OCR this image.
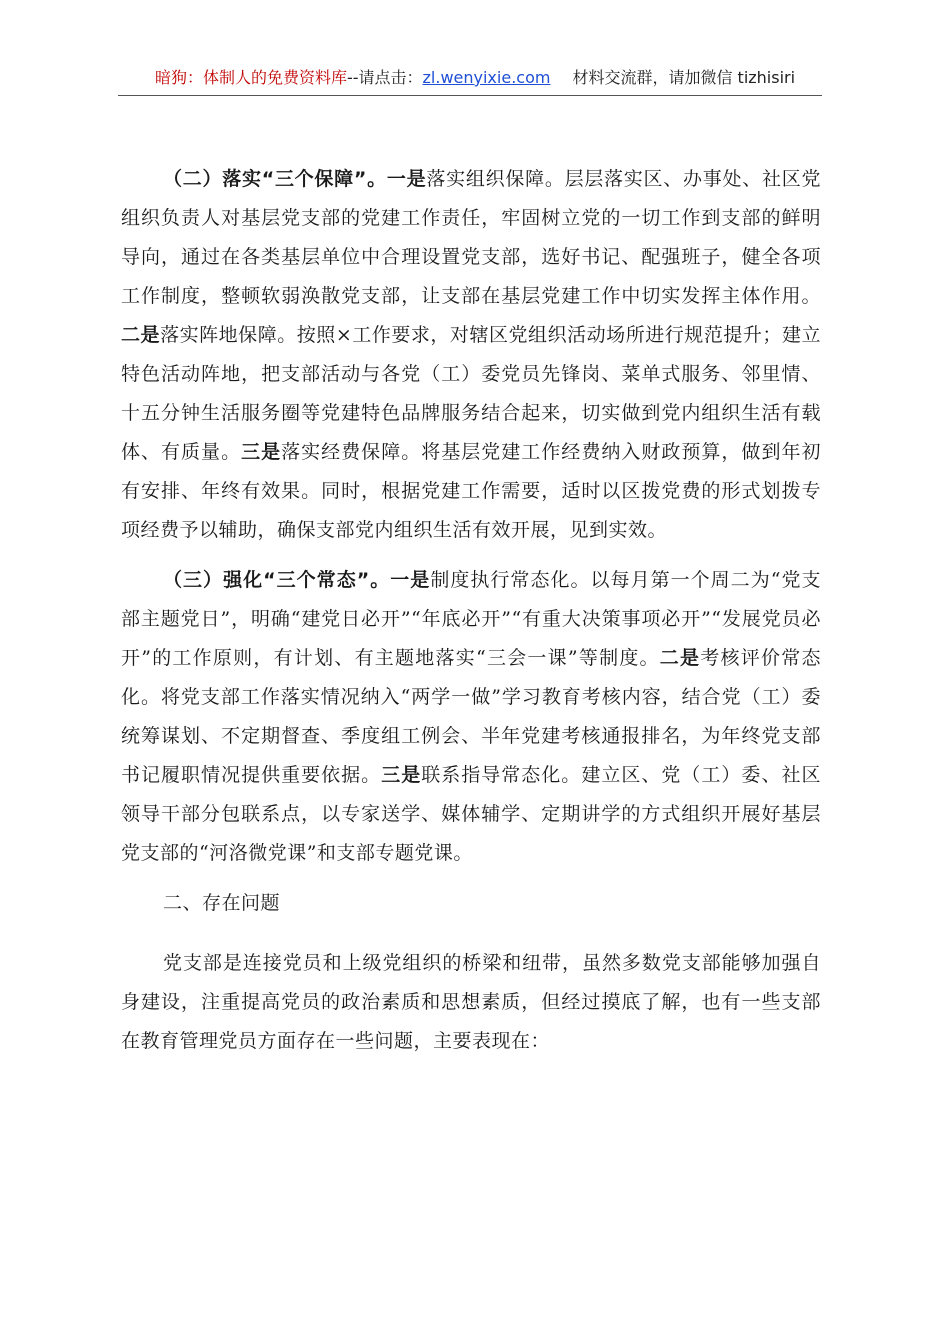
暗狗：体制人的免费资料库--请点击：zl.wenyixie.com 材料交流群，请加微信 tizhisiri

（二）落实“三个保障”。一是落实组织保障。层层落实区、办事处、社区党组织负责人对基层党支部的党建工作责任，牢固树立党的一切工作到支部的鲜明导向，通过在各类基层单位中合理设置党支部，选好书记、配强班子，健全各项工作制度，整顿软弱涣散党支部，让支部在基层党建工作中切实发挥主体作用。二是落实阵地保障。按照×工作要求，对辖区党组织活动场所进行规范提升；建立特色活动阵地，把支部活动与各党（工）委党员先锋岗、菜单式服务、邻里情、十五分钟生活服务圈等党建特色品牌服务结合起来，切实做到党内组织生活有载体、有质量。三是落实经费保障。将基层党建工作经费纳入财政预算，做到年初有安排、年终有效果。同时，根据党建工作需要，适时以区拨党费的形式划拨专项经费予以辅助，确保支部党内组织生活有效开展，见到实效。

（三）强化“三个常态”。一是制度执行常态化。以每月第一个周二为“党支部主题党日”，明确“建党日必开”“年底必开”“有重大决策事项必开”“发展党员必开”的工作原则，有计划、有主题地落实“三会一课”等制度。二是考核评价常态化。将党支部工作落实情况纳入“两学一做”学习教育考核内容，结合党（工）委统筹谋划、不定期督查、季度组工例会、半年党建考核通报排名，为年终党支部书记履职情况提供重要依据。三是联系指导常态化。建立区、党（工）委、社区领导干部分包联系点，以专家送学、媒体辅学、定期讲学的方式组织开展好基层党支部的“河洛微党课”和支部专题党课。

二、存在问题

党支部是连接党员和上级党组织的桥梁和纽带，虽然多数党支部能够加强自身建设，注重提高党员的政治素质和思想素质，但经过摸底了解，也有一些支部在教育管理党员方面存在一些问题，主要表现在：
